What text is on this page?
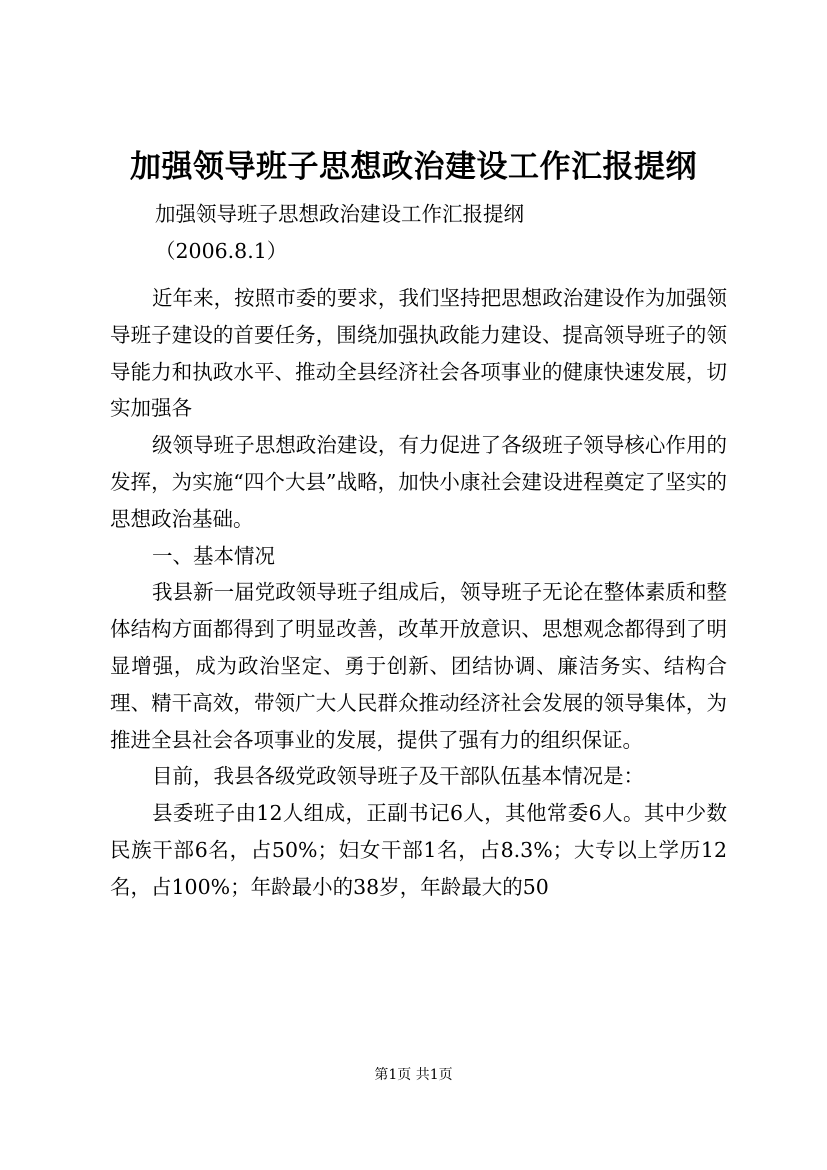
加强领导班子思想政治建设工作汇报提纲
加强领导班子思想政治建设工作汇报提纲
（2006.8.1）

近年来，按照市委的要求，我们坚持把思想政治建设作为加强领导班子建设的首要任务，围绕加强执政能力建设、提高领导班子的领导能力和执政水平、推动全县经济社会各项事业的健康快速发展，切实加强各

级领导班子思想政治建设，有力促进了各级班子领导核心作用的发挥，为实施“四个大县”战略，加快小康社会建设进程奠定了坚实的思想政治基础。

一、基本情况

我县新一届党政领导班子组成后，领导班子无论在整体素质和整体结构方面都得到了明显改善，改革开放意识、思想观念都得到了明显增强，成为政治坚定、勇于创新、团结协调、廉洁务实、结构合理、精干高效，带领广大人民群众推动经济社会发展的领导集体，为推进全县社会各项事业的发展，提供了强有力的组织保证。

目前，我县各级党政领导班子及干部队伍基本情况是：

县委班子由12人组成，正副书记6人，其他常委6人。其中少数民族干部6名，占50%；妇女干部1名，占8.3%；大专以上学历12名，占100%；年龄最小的38岁，年龄最大的50

第1页 共1页
